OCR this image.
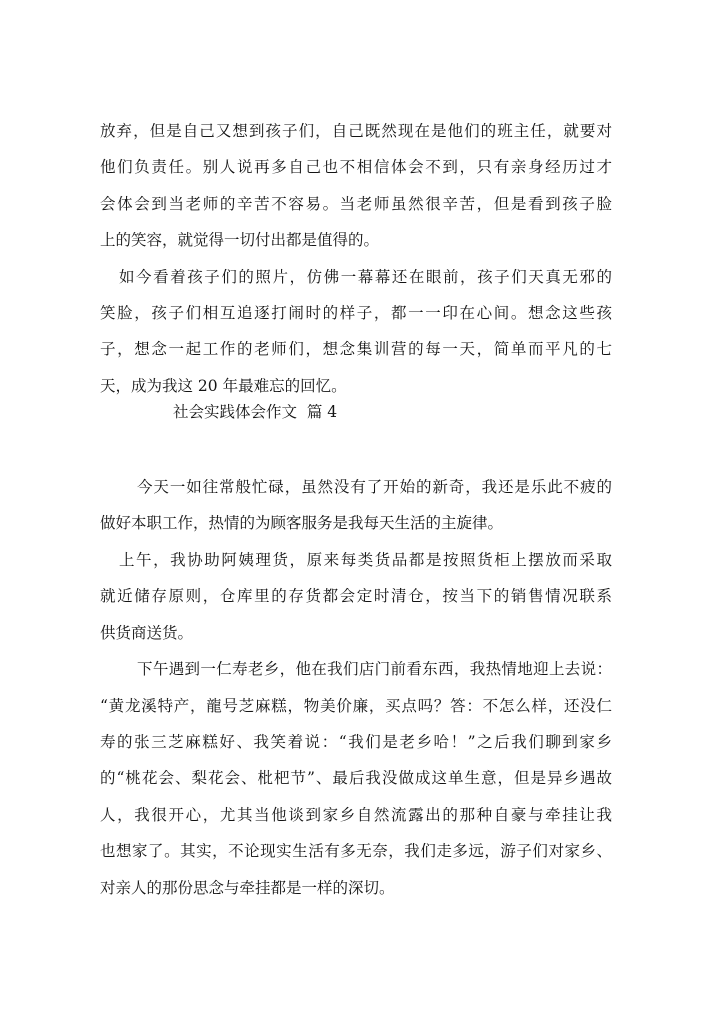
放弃，但是自己又想到孩子们，自己既然现在是他们的班主任，就要对
他们负责任。别人说再多自己也不相信体会不到，只有亲身经历过才
会体会到当老师的辛苦不容易。当老师虽然很辛苦，但是看到孩子脸
上的笑容，就觉得一切付出都是值得的。
如今看着孩子们的照片，仿佛一幕幕还在眼前，孩子们天真无邪的
笑脸，孩子们相互追逐打闹时的样子，都一一印在心间。想念这些孩
子，想念一起工作的老师们，想念集训营的每一天，简单而平凡的七
天，成为我这 20 年最难忘的回忆。
社会实践体会作文  篇 4
今天一如往常般忙碌，虽然没有了开始的新奇，我还是乐此不疲的
做好本职工作，热情的为顾客服务是我每天生活的主旋律。
上午，我协助阿姨理货，原来每类货品都是按照货柜上摆放而采取
就近储存原则，仓库里的存货都会定时清仓，按当下的销售情况联系
供货商送货。
下午遇到一仁寿老乡，他在我们店门前看东西，我热情地迎上去说：
“黄龙溪特产，龍号芝麻糕，物美价廉，买点吗？答：不怎么样，还没仁
寿的张三芝麻糕好、我笑着说：“我们是老乡哈！”之后我们聊到家乡
的“桃花会、梨花会、枇杷节”、最后我没做成这单生意，但是异乡遇故
人，我很开心，尤其当他谈到家乡自然流露出的那种自豪与牵挂让我
也想家了。其实，不论现实生活有多无奈，我们走多远，游子们对家乡、
对亲人的那份思念与牵挂都是一样的深切。
